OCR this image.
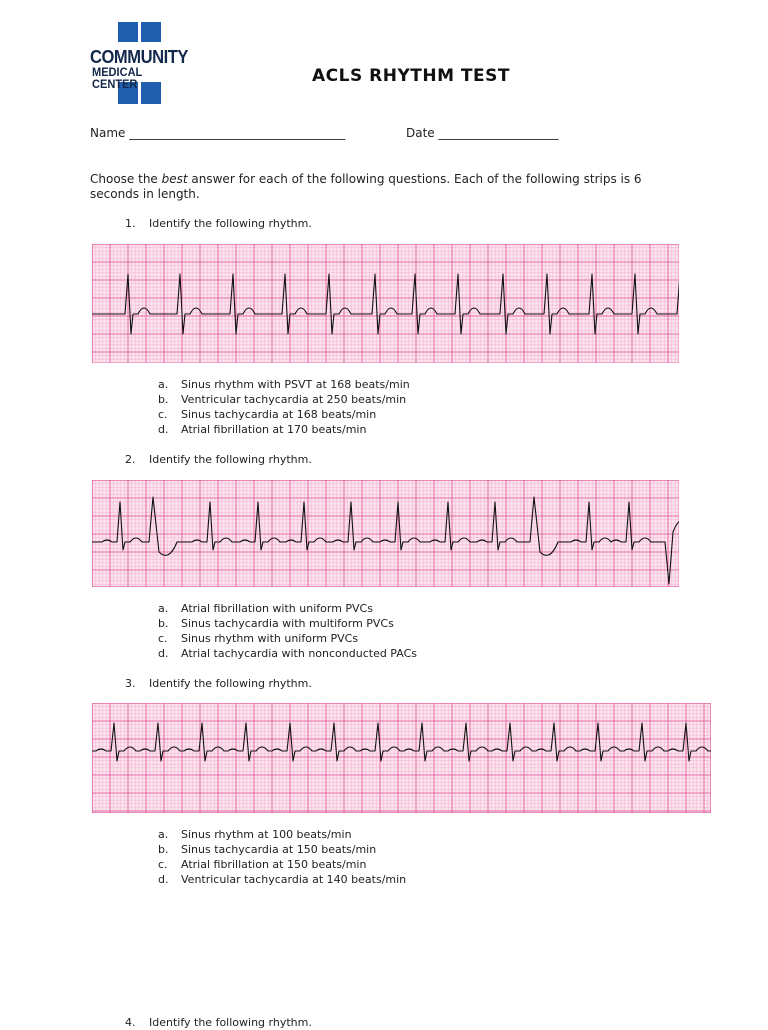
COMMUNITY
MEDICAL CENTER	ACLS RHYTHM TEST
Name ____________________________________	Date ____________________
Choose the best answer for each of the following questions. Each of the following strips is 6 seconds in length.
1. Identify the following rhythm.
a. Sinus rhythm with PSVT at 168 beats/min
b. Ventricular tachycardia at 250 beats/min
c. Sinus tachycardia at 168 beats/min
d. Atrial fibrillation at 170 beats/min
2. Identify the following rhythm.
a. Atrial fibrillation with uniform PVCs
b. Sinus tachycardia with multiform PVCs
c. Sinus rhythm with uniform PVCs
d. Atrial tachycardia with nonconducted PACs
3. Identify the following rhythm.
a. Sinus rhythm at 100 beats/min
b. Sinus tachycardia at 150 beats/min
c. Atrial fibrillation at 150 beats/min
d. Ventricular tachycardia at 140 beats/min
4. Identify the following rhythm.
